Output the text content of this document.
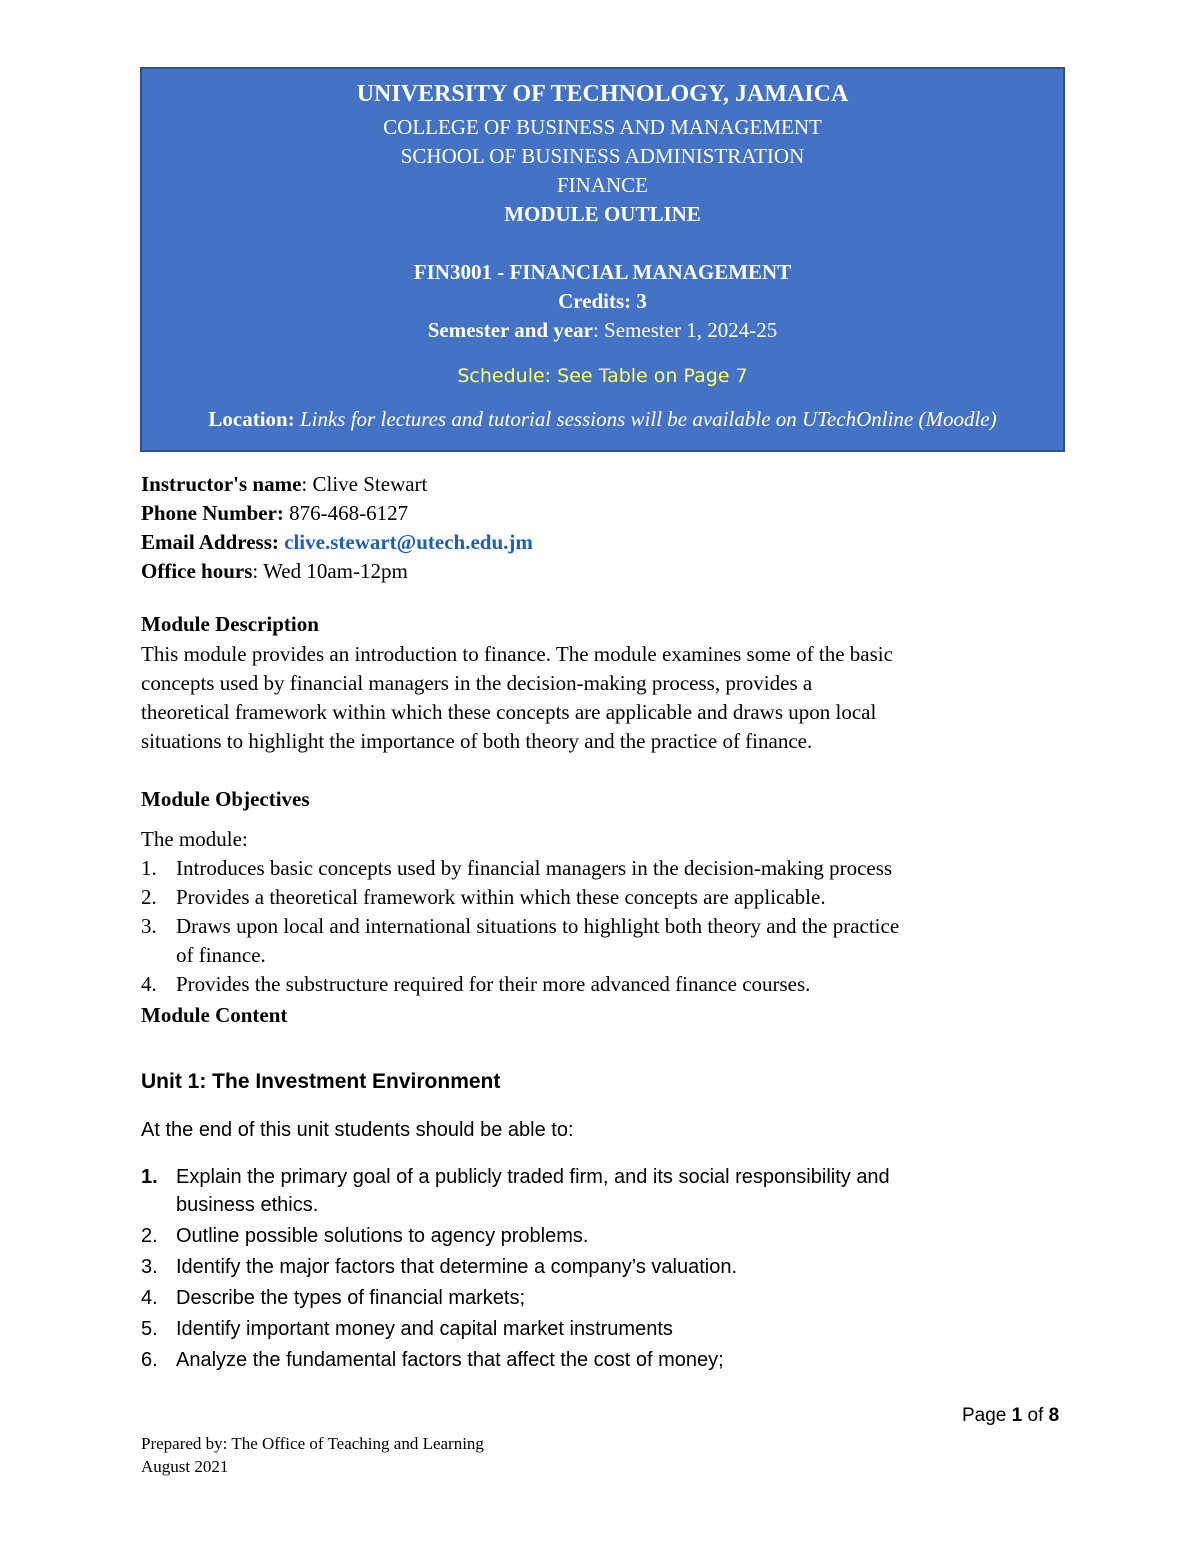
UNIVERSITY OF TECHNOLOGY, JAMAICA
COLLEGE OF BUSINESS AND MANAGEMENT
SCHOOL OF BUSINESS ADMINISTRATION
FINANCE
MODULE OUTLINE
FIN3001 - FINANCIAL MANAGEMENT
Credits: 3
Semester and year: Semester 1, 2024-25
Schedule: See Table on Page 7
Location: Links for lectures and tutorial sessions will be available on UTechOnline (Moodle)
Instructor's name: Clive Stewart
Phone Number: 876-468-6127
Email Address: clive.stewart@utech.edu.jm
Office hours: Wed 10am-12pm
Module Description
This module provides an introduction to finance. The module examines some of the basic
concepts used by financial managers in the decision-making process, provides a
theoretical framework within which these concepts are applicable and draws upon local
situations to highlight the importance of both theory and the practice of finance.
Module Objectives
The module:
1. Introduces basic concepts used by financial managers in the decision-making process
2. Provides a theoretical framework within which these concepts are applicable.
3. Draws upon local and international situations to highlight both theory and the practice
of finance.
4. Provides the substructure required for their more advanced finance courses.
Module Content
Unit 1: The Investment Environment
At the end of this unit students should be able to:
1. Explain the primary goal of a publicly traded firm, and its social responsibility and
business ethics.
2. Outline possible solutions to agency problems.
3. Identify the major factors that determine a company’s valuation.
4. Describe the types of financial markets;
5. Identify important money and capital market instruments
6. Analyze the fundamental factors that affect the cost of money;
Page 1 of 8
Prepared by: The Office of Teaching and Learning
August 2021
